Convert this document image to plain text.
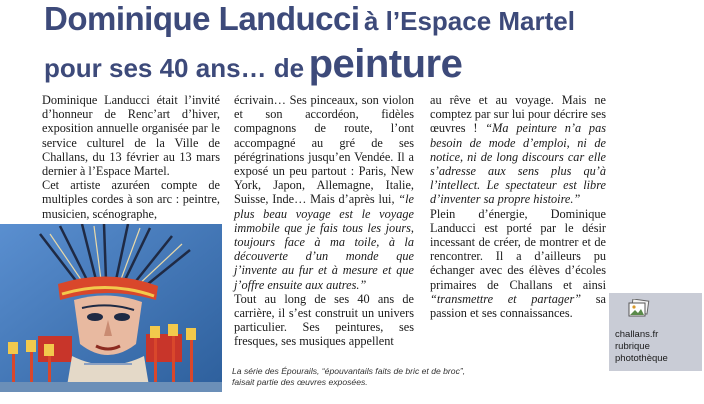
Dominique Landucci à l’Espace Martel
pour ses 40 ans… de peinture

Dominique Landucci était l’invité d’honneur de Renc’art d’hiver, exposition annuelle organisée par le service culturel de la Ville de Challans, du 13 février au 13 mars dernier à l’Espace Martel.

Cet artiste azuréen compte de multiples cordes à son arc : peintre, musicien, scénographe,

écrivain… Ses pinceaux, son violon et son accordéon, fidèles compagnons de route, l’ont accompagné au gré de ses pérégrinations jusqu’en Vendée. Il a exposé un peu partout : Paris, New York, Japon, Allemagne, Italie, Suisse, Inde… Mais d’après lui, “le plus beau voyage est le voyage immobile que je fais tous les jours, toujours face à ma toile, à la découverte d’un monde que j’invente au fur et à mesure et que j’offre ensuite aux autres.”

Tout au long de ses 40 ans de carrière, il s’est construit un univers particulier. Ses peintures, ses fresques, ses musiques appellent

au rêve et au voyage. Mais ne comptez par sur lui pour décrire ses œuvres ! “Ma peinture n’a pas besoin de mode d’emploi, ni de notice, ni de long discours car elle s’adresse aux sens plus qu’à l’intellect. Le spectateur est libre d’inventer sa propre histoire.”

Plein d’énergie, Dominique Landucci est porté par le désir incessant de créer, de montrer et de rencontrer. Il a d’ailleurs pu échanger avec des élèves d’écoles primaires de Challans et ainsi “transmettre et partager” sa passion et ses connaissances.

La série des Épourails, “épouvantails faits de bric et de broc”,
faisait partie des œuvres exposées.
challans.fr
rubrique
photothèque
